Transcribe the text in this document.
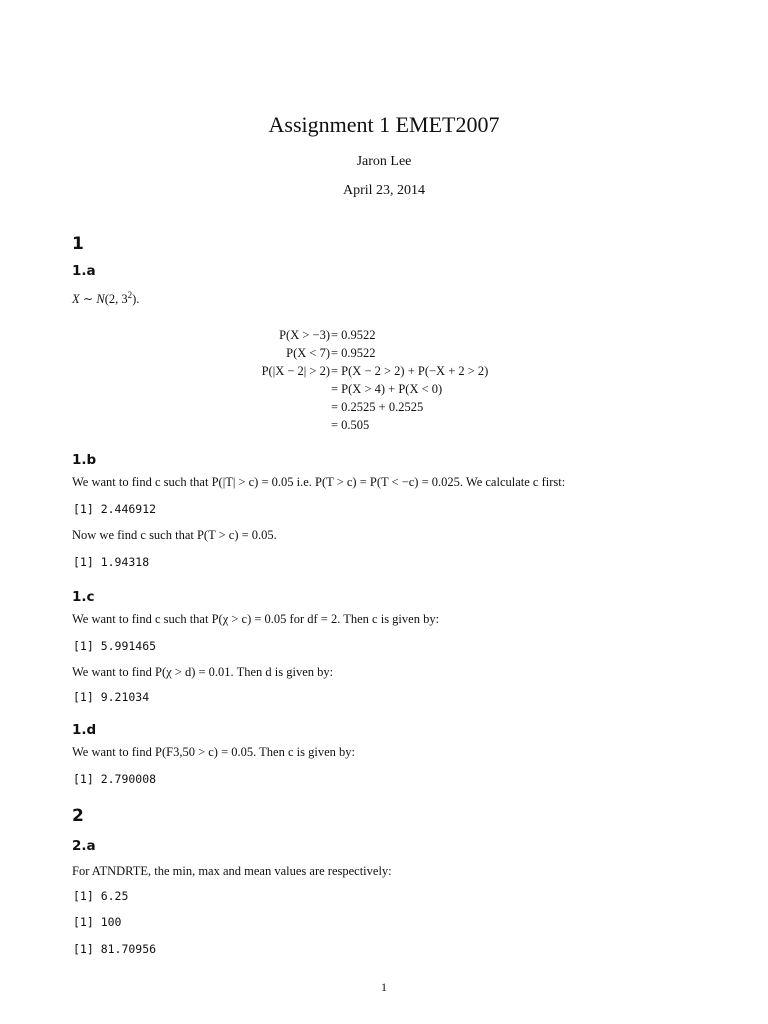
Assignment 1 EMET2007
Jaron Lee
April 23, 2014
1
1.a
X ∼ N(2, $3^2$).
P(X > −3) = 0.9522
P(X < 7) = 0.9522
P(|X − 2| > 2) = P(X − 2 > 2) + P(−X + 2 > 2)
= P(X > 4) + P(X < 0)
= 0.2525 + 0.2525
= 0.505
1.b
We want to find c such that P(|T| > c) = 0.05 i.e. P(T > c) = P(T < −c) = 0.025. We calculate c first:
[1] 2.446912
Now we find c such that P(T > c) = 0.05.
[1] 1.94318
1.c
We want to find c such that P(χ > c) = 0.05 for df = 2. Then c is given by:
[1] 5.991465
We want to find P(χ > d) = 0.01. Then d is given by:
[1] 9.21034
1.d
We want to find P(F3,50 > c) = 0.05. Then c is given by:
[1] 2.790008
2
2.a
For ATNDRTE, the min, max and mean values are respectively:
[1] 6.25
[1] 100
[1] 81.70956
1
